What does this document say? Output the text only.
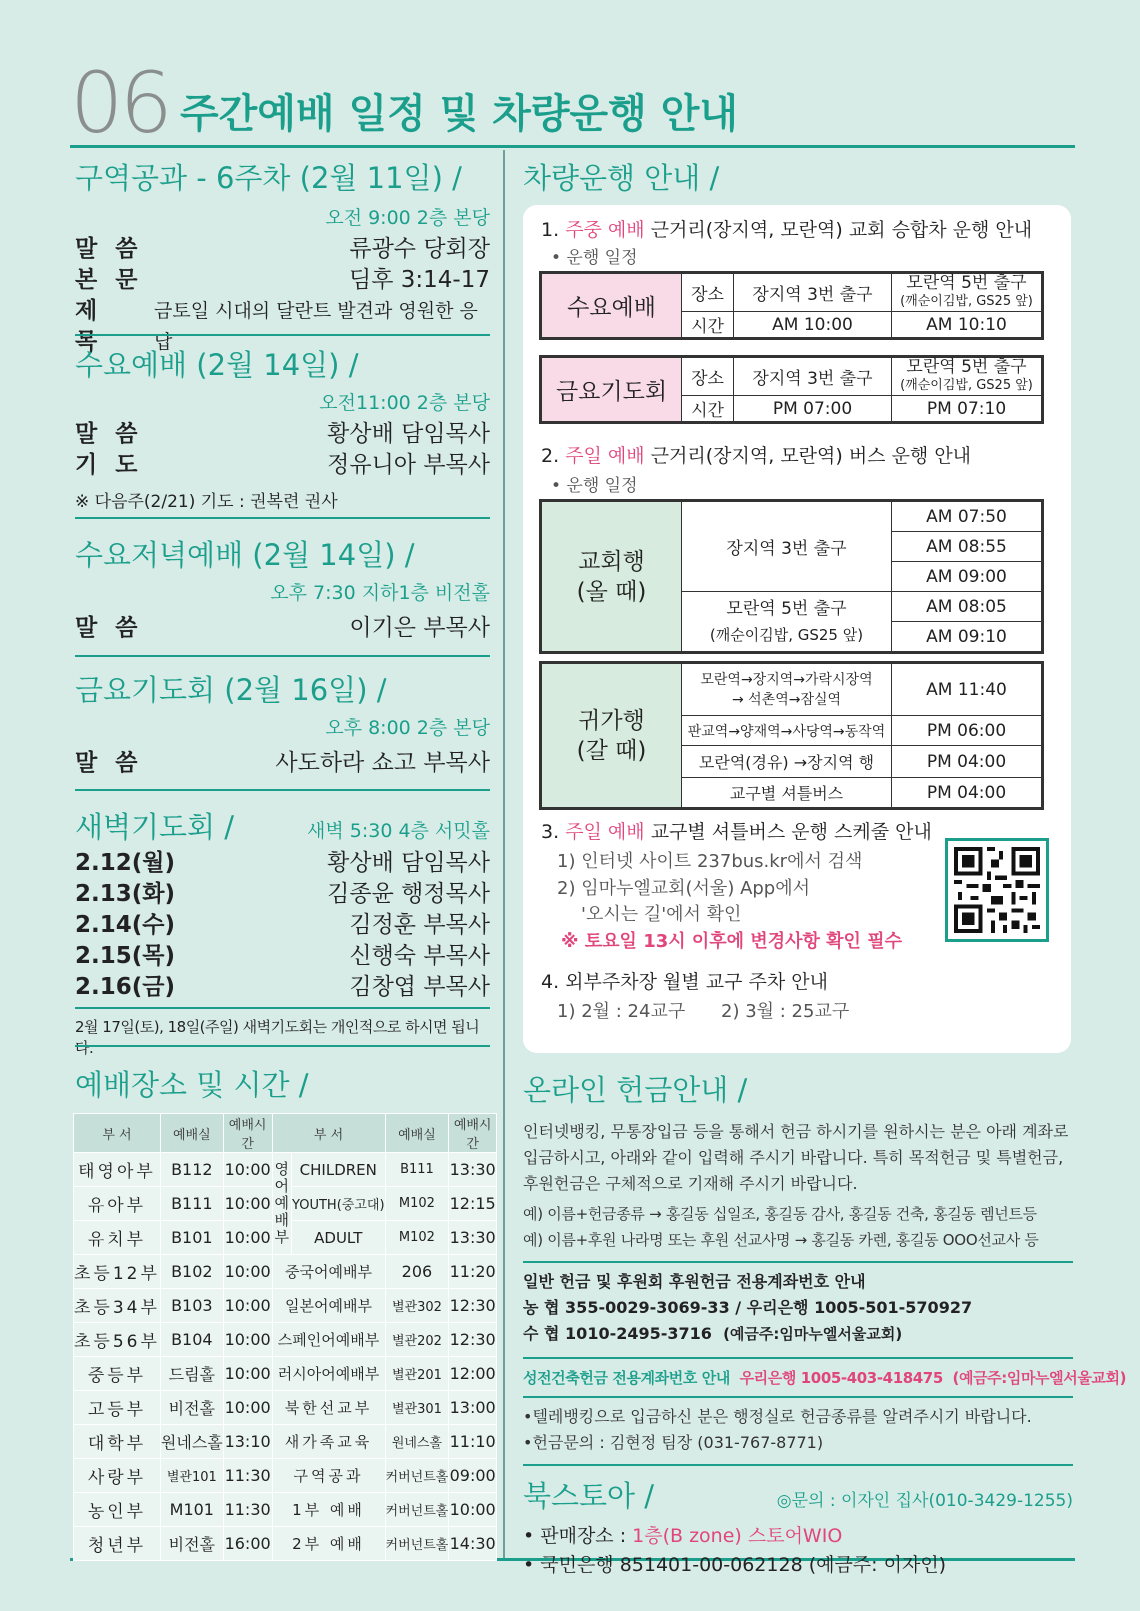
06 주간예배 일정 및 차량운행 안내
구역공과 - 6주차 (2월 11일) /
오전 9:00 2층 본당
말씀	류광수 당회장
본문	딤후 3:14-17
제목
금토일 시대의 달란트 발견과 영원한 응답
수요예배 (2월 14일) /
오전11:00 2층 본당
말씀	황상배 담임목사
기도	정유니아 부목사
※ 다음주(2/21) 기도 : 권복련 권사
수요저녁예배 (2월 14일) /
오후 7:30 지하1층 비전홀
말씀	이기은 부목사
금요기도회 (2월 16일) /
오후 8:00 2층 본당
말씀	사도하라 쇼고 부목사
새벽기도회 /	새벽 5:30 4층 서밋홀
2.12(월)	황상배 담임목사
2.13(화)	김종윤 행정목사
2.14(수)	김정훈 부목사
2.15(목)	신행숙 부목사
2.16(금)	김창엽 부목사
2월 17일(토), 18일(주일) 새벽기도회는 개인적으로 하시면 됩니다.
예배장소 및 시간 /
부 서	예배실	예배시간	부 서		예배실	예배시간
태영아부	B112	10:00	영어예배부	CHILDREN	B111	13:30
유아부	B111	10:00		YOUTH(중고대)	M102	12:15
유치부	B101	10:00		ADULT	M102	13:30
초등12부	B102	10:00	중국어예배부		206	11:20
초등34부	B103	10:00	일본어예배부		별관302	12:30
초등56부	B104	10:00	스페인어예배부		별관202	12:30
중등부	드림홀	10:00	러시아어예배부		별관201	12:00
고등부	비전홀	10:00	북한선교부		별관301	13:00
대학부	원네스홀	13:10	새가족교육		원네스홀	11:10
사랑부	별관101	11:30	구역공과		커버넌트홀	09:00
농인부	M101	11:30	1부 예배		커버넌트홀	10:00
청년부	비전홀	16:00	2부 예배		커버넌트홀	14:30
차량운행 안내 /
1. 주중 예배 근거리(장지역, 모란역) 교회 승합차 운행 안내
• 운행 일정
수요예배	장소	장지역 3번 출구	모란역 5번 출구
(깨순이김밥, GS25 앞)
	시간	AM 10:00	AM 10:10
금요기도회	장소	장지역 3번 출구	모란역 5번 출구
(깨순이김밥, GS25 앞)
	시간	PM 07:00	PM 07:10
2. 주일 예배 근거리(장지역, 모란역) 버스 운행 안내
• 운행 일정
교회행
(올 때)	장지역 3번 출구	AM 07:50
		AM 08:55
		AM 09:00
	모란역 5번 출구
(깨순이김밥, GS25 앞)	AM 08:05
		AM 09:10
귀가행
(갈 때)	모란역→장지역→가락시장역
→ 석촌역→잠실역	AM 11:40
	판교역→양재역→사당역→동작역	PM 06:00
	모란역(경유) →장지역 행	PM 04:00
	교구별 셔틀버스	PM 04:00
3. 주일 예배 교구별 셔틀버스 운행 스케줄 안내
1) 인터넷 사이트 237bus.kr에서 검색
2) 임마누엘교회(서울) App에서
'오시는 길'에서 확인
※ 토요일 13시 이후에 변경사항 확인 필수
4. 외부주차장 월별 교구 주차 안내
1) 2월 : 24교구 2) 3월 : 25교구
온라인 헌금안내 /

인터넷뱅킹, 무통장입금 등을 통해서 헌금 하시기를 원하시는 분은 아래 계좌로 입금하시고, 아래와 같이 입력해 주시기 바랍니다. 특히 목적헌금 및 특별헌금, 후원헌금은 구체적으로 기재해 주시기 바랍니다.

예) 이름+헌금종류 → 홍길동 십일조, 홍길동 감사, 홍길동 건축, 홍길동 렘넌트등

예) 이름+후원 나라명 또는 후원 선교사명 → 홍길동 카렌, 홍길동 OOO선교사 등

일반 헌금 및 후원회 후원헌금 전용계좌번호 안내
농 협 355-0029-3069-33 / 우리은행 1005-501-570927
수 협 1010-2495-3716 (예금주:임마누엘서울교회)
성전건축헌금 전용계좌번호 안내 우리은행 1005-403-418475 (예금주:임마누엘서울교회)

•텔레뱅킹으로 입금하신 분은 행정실로 헌금종류를 알려주시기 바랍니다.

•헌금문의 : 김현정 팀장 (031-767-8771)

북스토아 /	◎문의 : 이자인 집사(010-3429-1255)
• 판매장소 : 1층(B zone) 스토어WIO
• 국민은행 851401-00-062128 (예금주: 이자인)
